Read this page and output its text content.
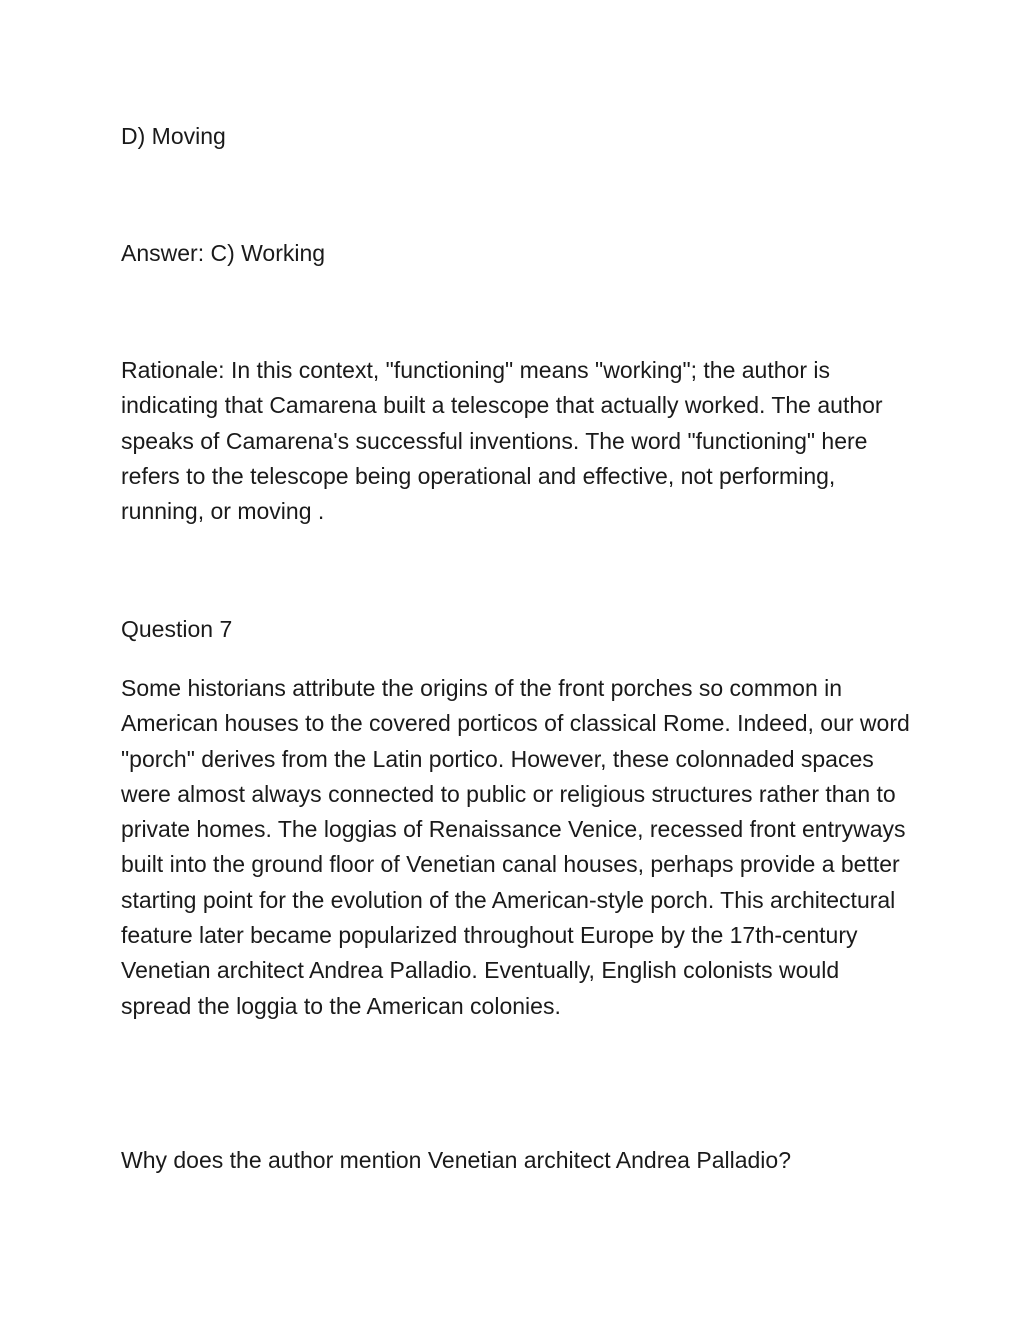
D) Moving

Answer: C) Working

Rationale: In this context, "functioning" means "working"; the author is indicating that Camarena built a telescope that actually worked. The author speaks of Camarena's successful inventions. The word "functioning" here refers to the telescope being operational and effective, not performing, running, or moving .

Question 7

Some historians attribute the origins of the front porches so common in American houses to the covered porticos of classical Rome. Indeed, our word "porch" derives from the Latin portico. However, these colonnaded spaces were almost always connected to public or religious structures rather than to private homes. The loggias of Renaissance Venice, recessed front entryways built into the ground floor of Venetian canal houses, perhaps provide a better starting point for the evolution of the American-style porch. This architectural feature later became popularized throughout Europe by the 17th-century Venetian architect Andrea Palladio. Eventually, English colonists would spread the loggia to the American colonies.

Why does the author mention Venetian architect Andrea Palladio?
